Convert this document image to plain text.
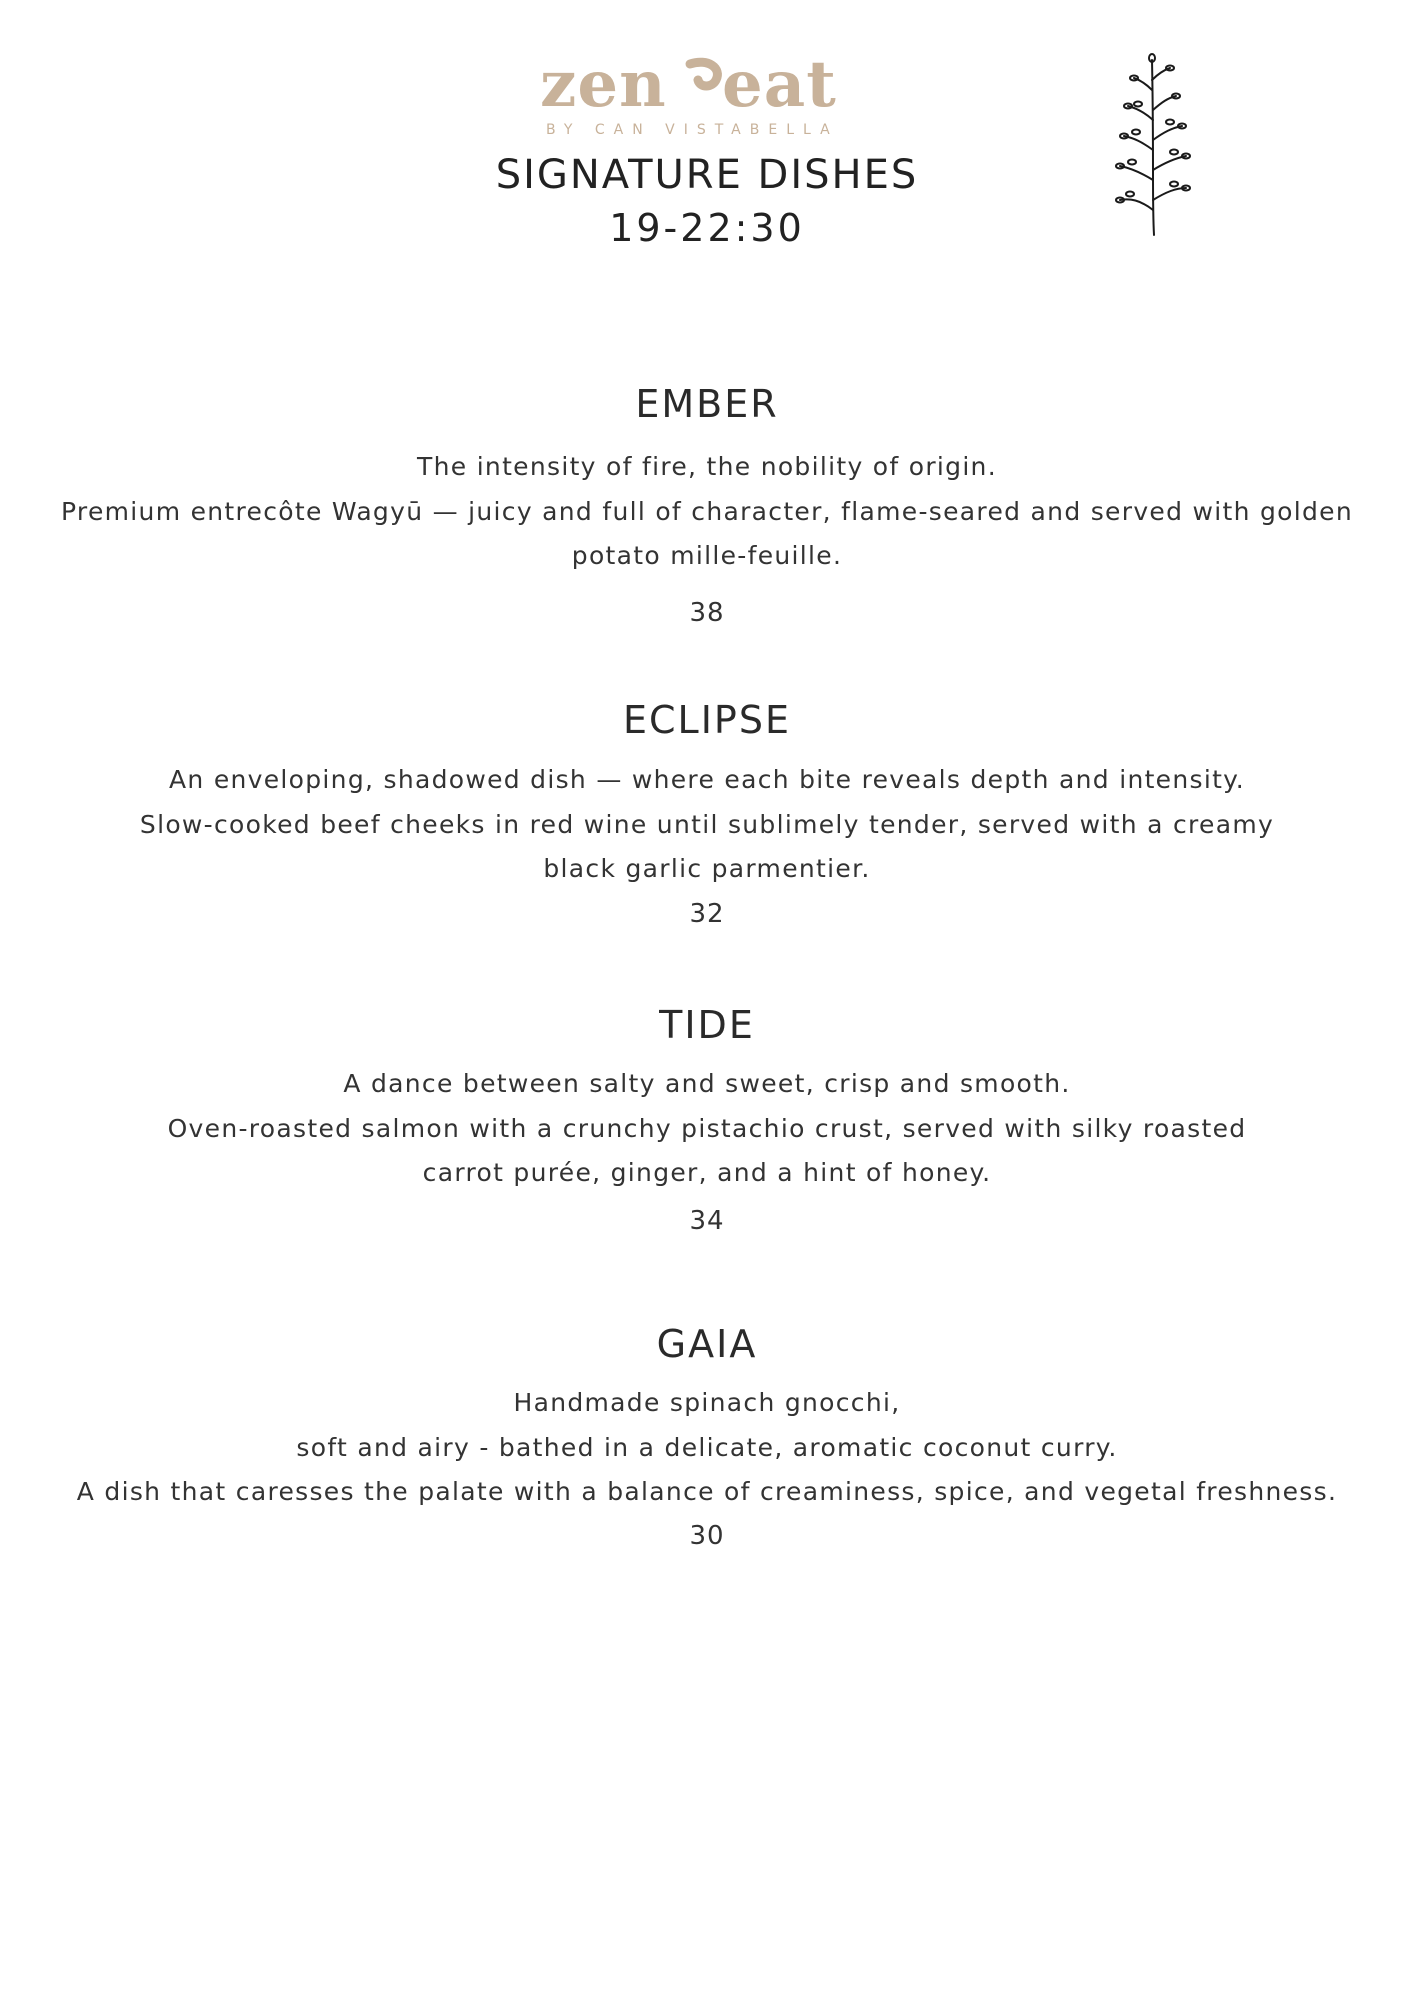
zen eat
BY CAN VISTABELLA
SIGNATURE DISHES
19-22:30
EMBER
The intensity of fire, the nobility of origin.
Premium entrecôte Wagyū — juicy and full of character, flame-seared and served with golden
potato mille-feuille.
38
ECLIPSE
An enveloping, shadowed dish — where each bite reveals depth and intensity.
Slow-cooked beef cheeks in red wine until sublimely tender, served with a creamy
black garlic parmentier.
32
TIDE
A dance between salty and sweet, crisp and smooth.
Oven-roasted salmon with a crunchy pistachio crust, served with silky roasted
carrot purée, ginger, and a hint of honey.
34
GAIA
Handmade spinach gnocchi,
soft and airy - bathed in a delicate, aromatic coconut curry.
A dish that caresses the palate with a balance of creaminess, spice, and vegetal freshness.
30
